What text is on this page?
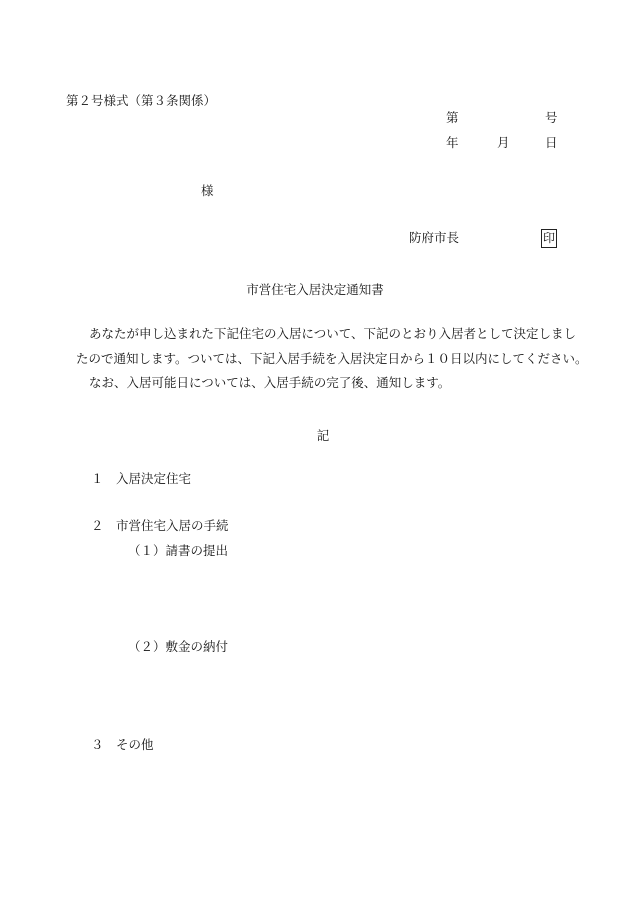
第２号様式（第３条関係）
第	号
年	月	日
様
防府市長	印
市営住宅入居決定通知書
あなたが申し込まれた下記住宅の入居について、下記のとおり入居者として決定しまし
たので通知します。ついては、下記入居手続を入居決定日から１０日以内にしてください。
なお、入居可能日については、入居手続の完了後、通知します。
記
１　入居決定住宅
２　市営住宅入居の手続
（１）請書の提出
（２）敷金の納付
３　その他
